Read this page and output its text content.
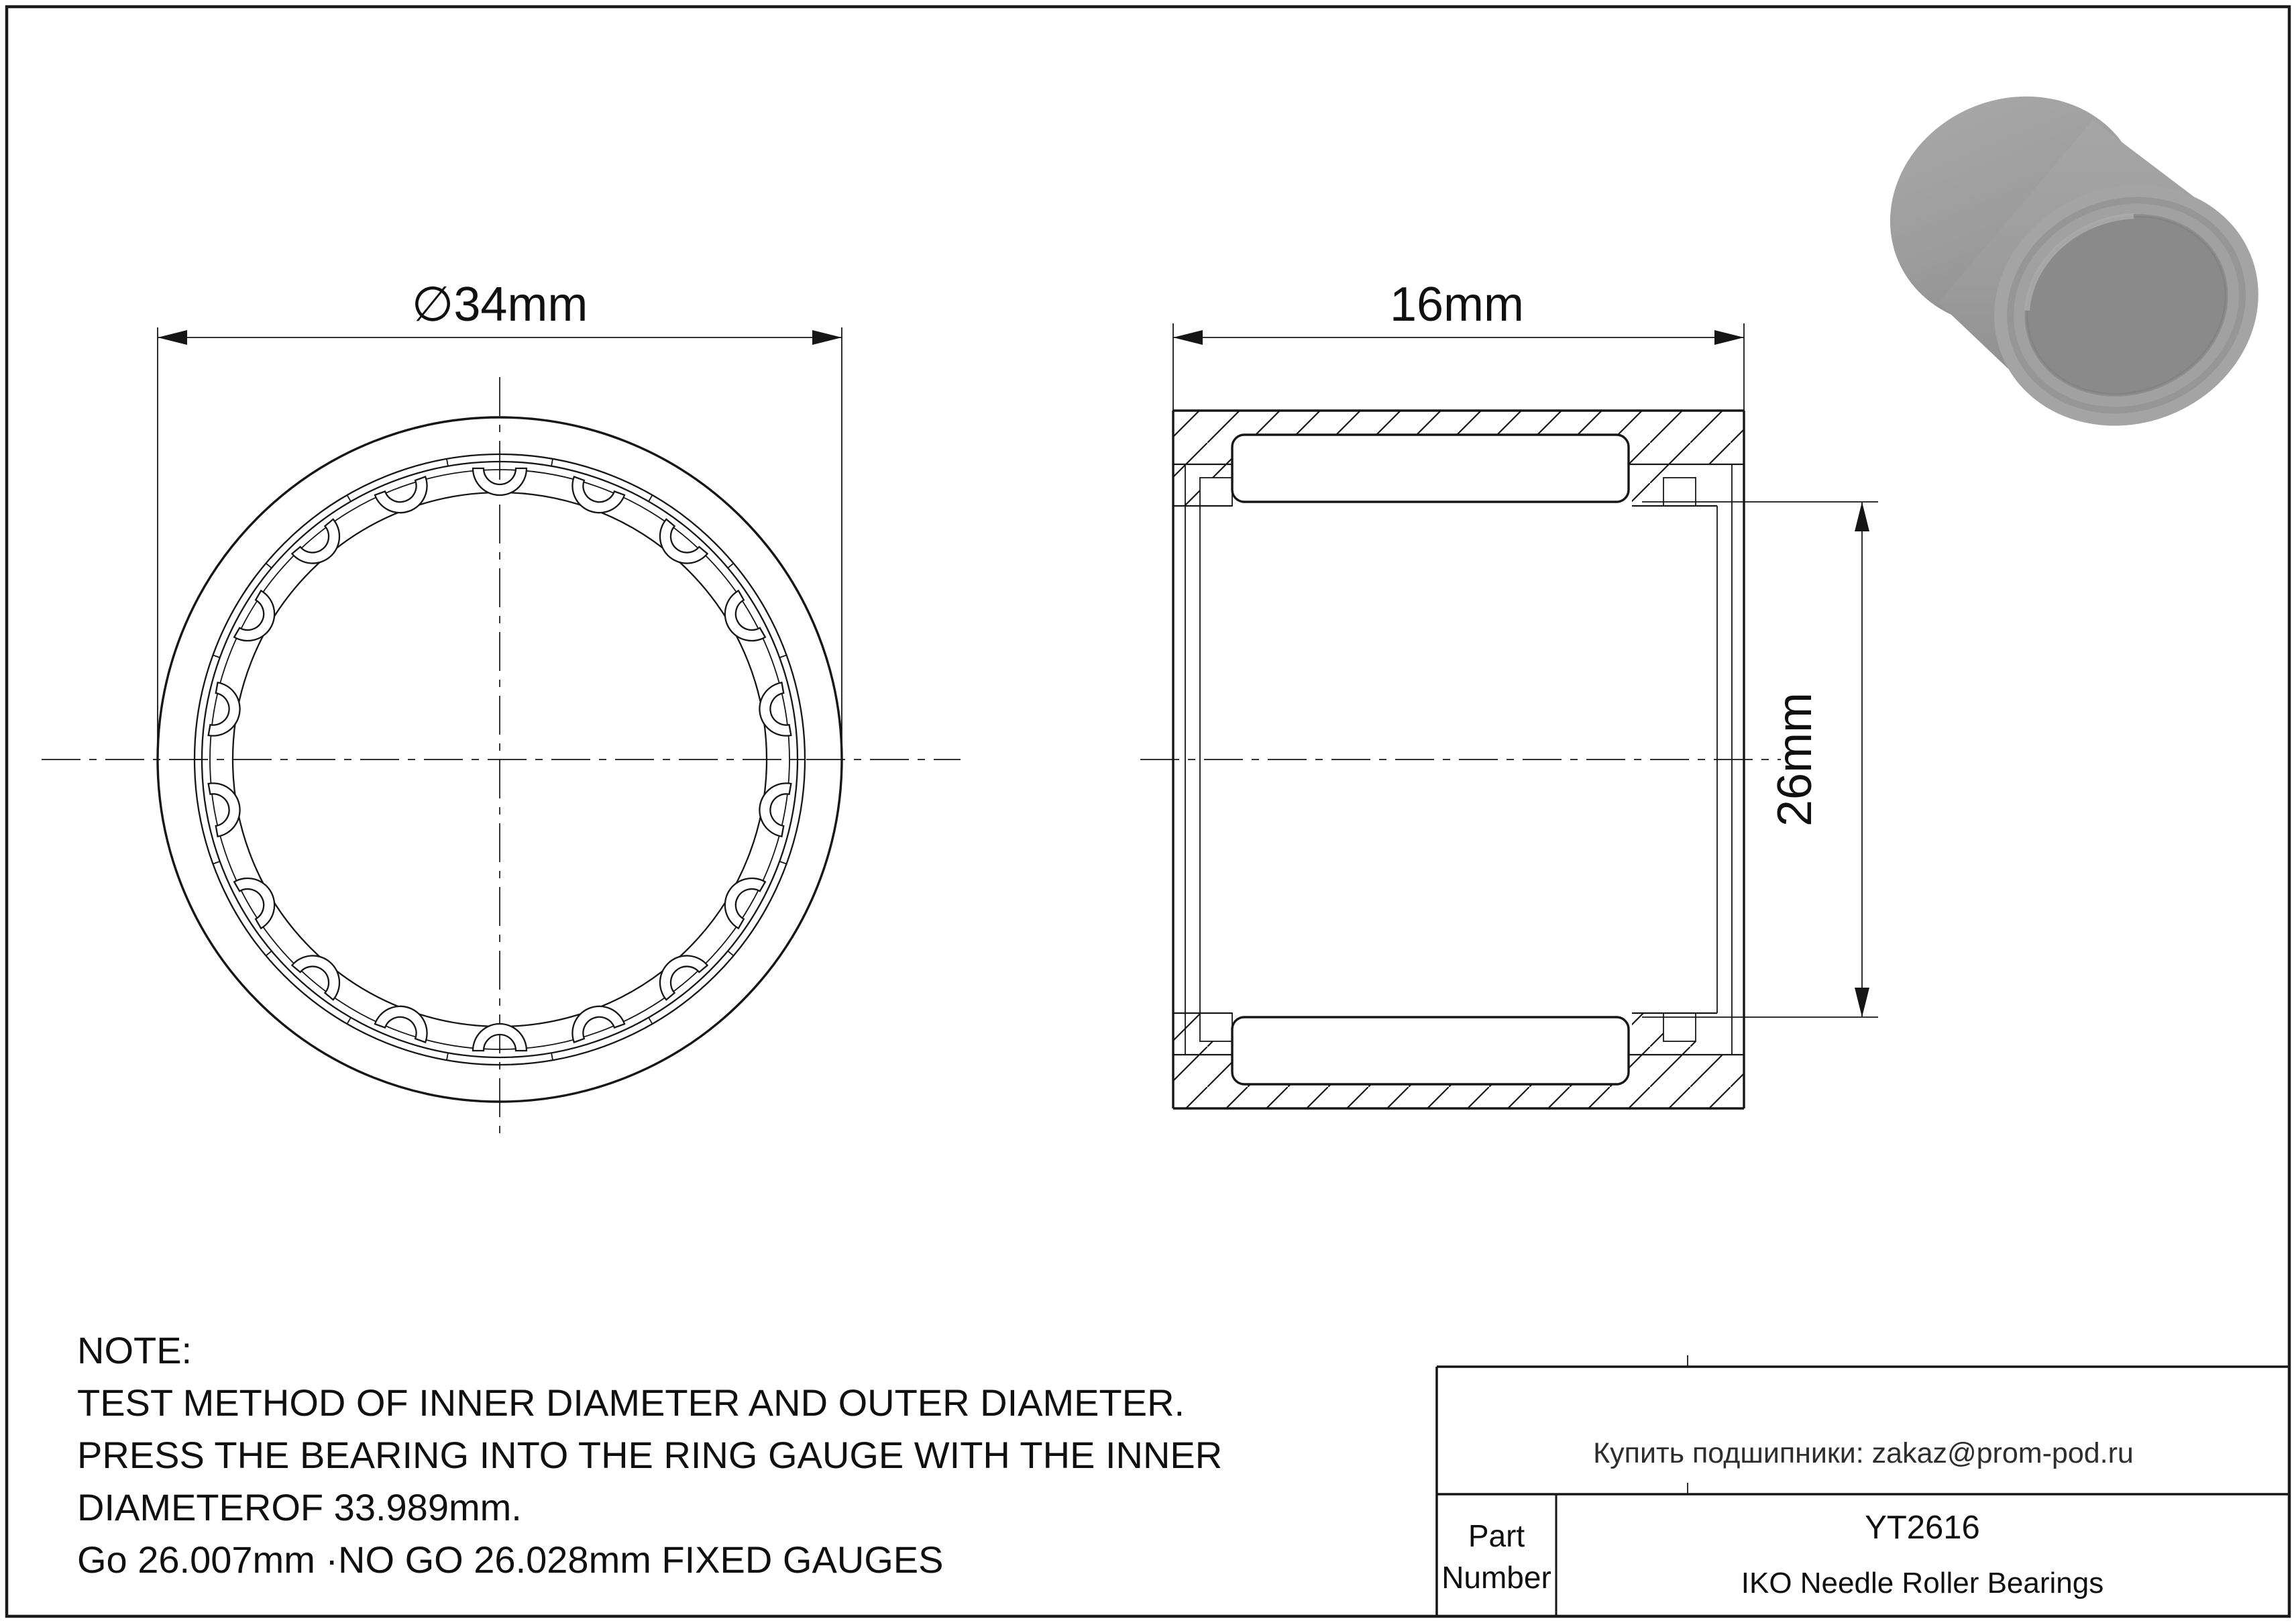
∅34mm	16mm
26mm
NOTE:
TEST METHOD OF INNER DIAMETER AND OUTER DIAMETER.
PRESS THE BEARING INTO THE RING GAUGE WITH THE INNER
DIAMETEROF 33.989mm.
Go 26.007mm ·NO GO 26.028mm FIXED GAUGES
Купить подшипники: zakaz@prom-pod.ru
Part
Number
YT2616
IKO Needle Roller Bearings
